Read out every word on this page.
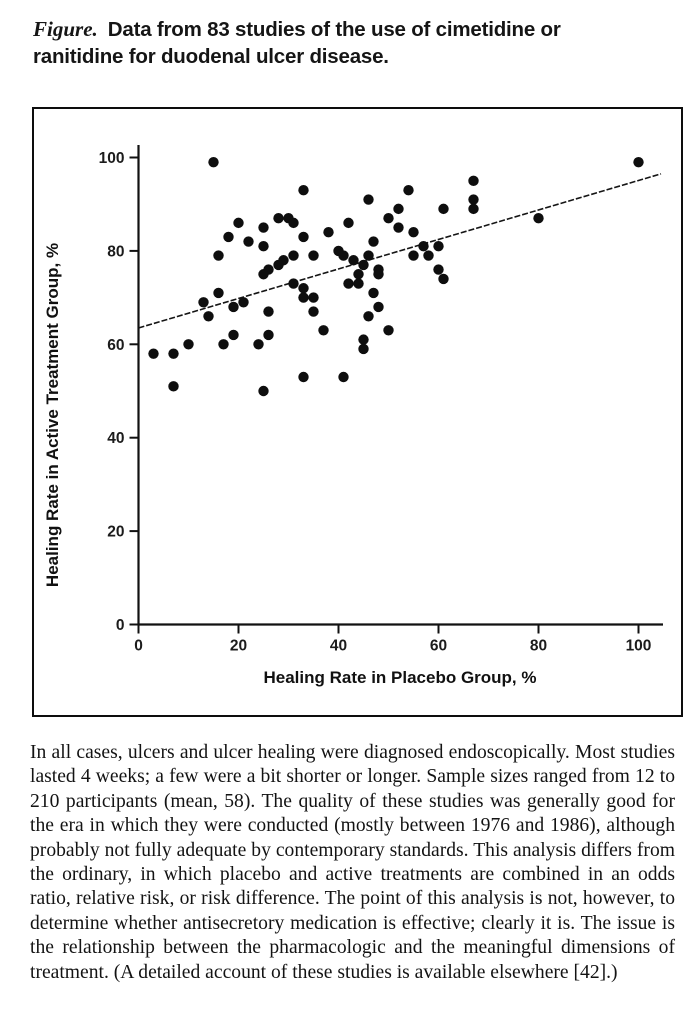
Figure. Data from 83 studies of the use of cimetidine or ranitidine for duodenal ulcer disease.
0	20	40	60	80	100
0
20
40
60
80
100
Healing Rate in Placebo Group, %
Healing Rate in Active Treatment Group, %

In all cases, ulcers and ulcer healing were diagnosed endoscopically. Most studies lasted 4 weeks; a few were a bit shorter or longer. Sample sizes ranged from 12 to 210 participants (mean, 58). The quality of these studies was generally good for the era in which they were conducted (mostly between 1976 and 1986), although probably not fully adequate by contemporary standards. This analysis differs from the ordinary, in which placebo and active treatments are combined in an odds ratio, relative risk, or risk difference. The point of this analysis is not, however, to determine whether antisecretory medication is effective; clearly it is. The issue is the relationship between the pharmacologic and the meaningful dimensions of treatment. (A detailed account of these studies is available elsewhere [42].)
